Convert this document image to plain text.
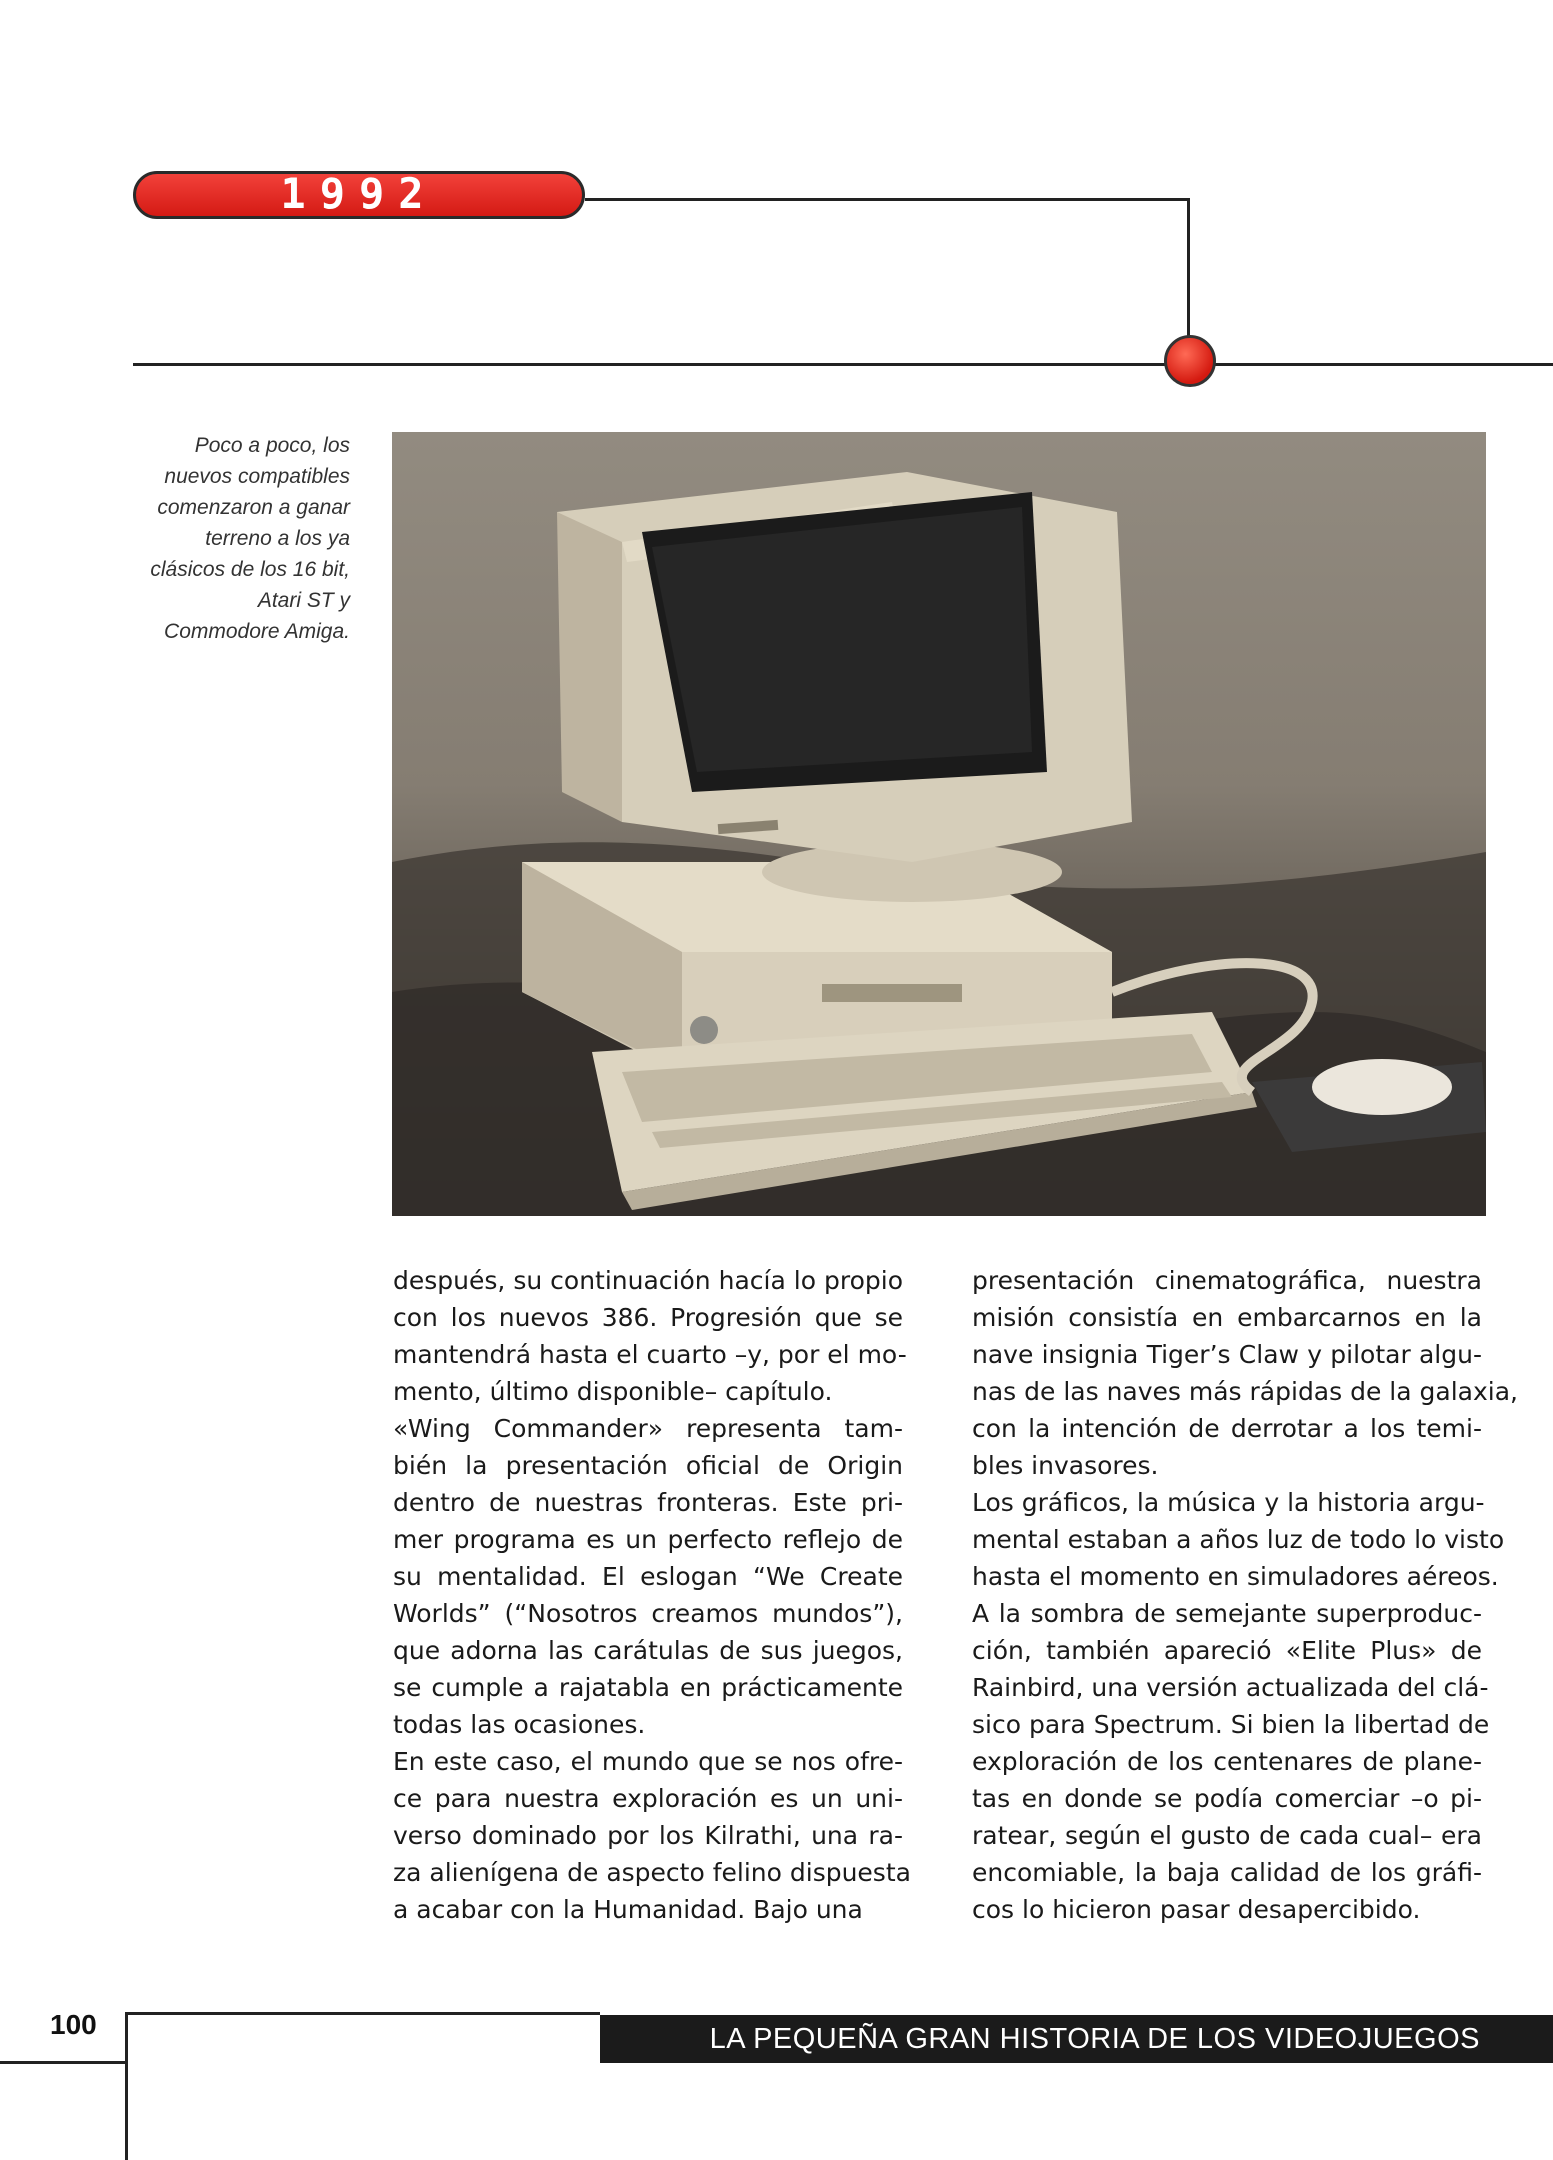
1992
Poco a poco, los
nuevos compatibles
comenzaron a ganar
terreno a los ya
clásicos de los 16 bit,
Atari ST y
Commodore Amiga.
después, su continuación hacía lo propio
con los nuevos 386. Progresión que se
mantendrá hasta el cuarto –y, por el mo-
mento, último disponible– capítulo.
«Wing Commander» representa tam-
bién la presentación oficial de Origin
dentro de nuestras fronteras. Este pri-
mer programa es un perfecto reflejo de
su mentalidad. El eslogan “We Create
Worlds” (“Nosotros creamos mundos”),
que adorna las carátulas de sus juegos,
se cumple a rajatabla en prácticamente
todas las ocasiones.
En este caso, el mundo que se nos ofre-
ce para nuestra exploración es un uni-
verso dominado por los Kilrathi, una ra-
za alienígena de aspecto felino dispuesta
a acabar con la Humanidad. Bajo una
presentación cinematográfica, nuestra
misión consistía en embarcarnos en la
nave insignia Tiger’s Claw y pilotar algu-
nas de las naves más rápidas de la galaxia,
con la intención de derrotar a los temi-
bles invasores.
Los gráficos, la música y la historia argu-
mental estaban a años luz de todo lo visto
hasta el momento en simuladores aéreos.
A la sombra de semejante superproduc-
ción, también apareció «Elite Plus» de
Rainbird, una versión actualizada del clá-
sico para Spectrum. Si bien la libertad de
exploración de los centenares de plane-
tas en donde se podía comerciar –o pi-
ratear, según el gusto de cada cual– era
encomiable, la baja calidad de los gráfi-
cos lo hicieron pasar desapercibido.
100	LA PEQUEÑA GRAN HISTORIA DE LOS VIDEOJUEGOS
